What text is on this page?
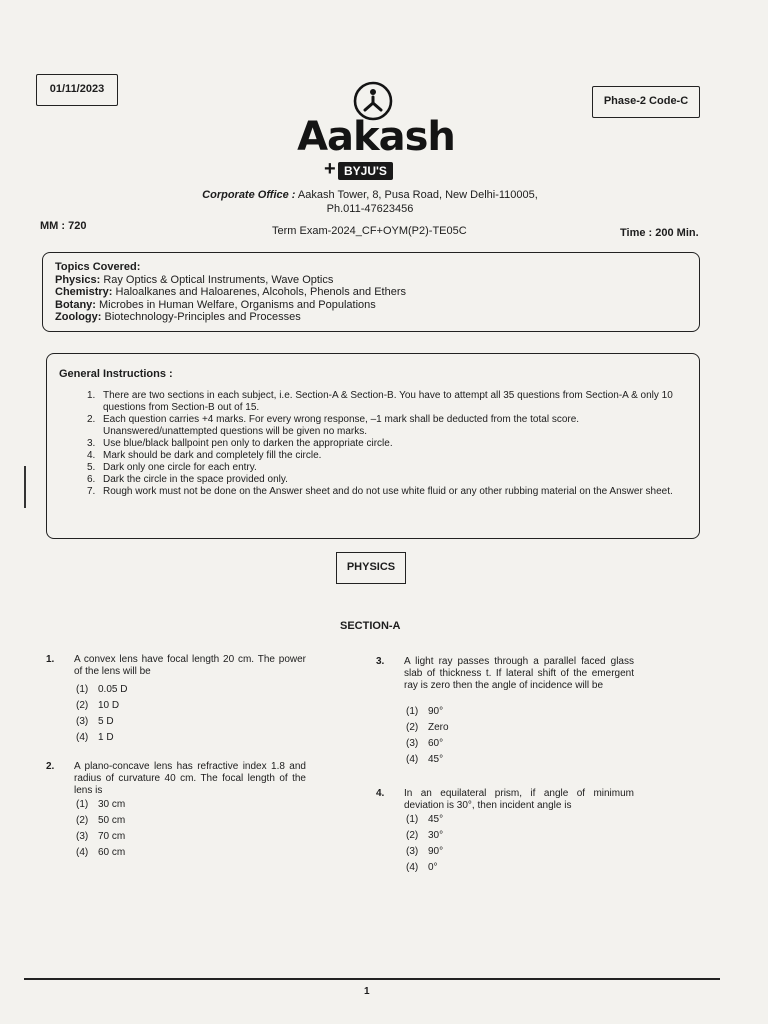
01/11/2023
Phase-2 Code-C
Aakash
+ BYJU'S
Corporate Office : Aakash Tower, 8, Pusa Road, New Delhi-110005,
Ph.011-47623456
MM : 720	Term Exam-2024_CF+OYM(P2)-TE05C	Time : 200 Min.
Topics Covered:
Physics: Ray Optics & Optical Instruments, Wave Optics
Chemistry: Haloalkanes and Haloarenes, Alcohols, Phenols and Ethers
Botany: Microbes in Human Welfare, Organisms and Populations
Zoology: Biotechnology-Principles and Processes
General Instructions :
1. There are two sections in each subject, i.e. Section-A & Section-B. You have to attempt all 35 questions from Section-A & only 10 questions from Section-B out of 15.
2. Each question carries +4 marks. For every wrong response, –1 mark shall be deducted from the total score. Unanswered/unattempted questions will be given no marks.
3. Use blue/black ballpoint pen only to darken the appropriate circle.
4. Mark should be dark and completely fill the circle.
5. Dark only one circle for each entry.
6. Dark the circle in the space provided only.
7. Rough work must not be done on the Answer sheet and do not use white fluid or any other rubbing material on the Answer sheet.
PHYSICS
SECTION-A
1. A convex lens have focal length 20 cm. The power of the lens will be
(1) 0.05 D
(2) 10 D
(3) 5 D
(4) 1 D
2. A plano-concave lens has refractive index 1.8 and radius of curvature 40 cm. The focal length of the lens is
(1) 30 cm
(2) 50 cm
(3) 70 cm
(4) 60 cm
3. A light ray passes through a parallel faced glass slab of thickness t. If lateral shift of the emergent ray is zero then the angle of incidence will be
(1) 90°
(2) Zero
(3) 60°
(4) 45°
4. In an equilateral prism, if angle of minimum deviation is 30°, then incident angle is
(1) 45°
(2) 30°
(3) 90°
(4) 0°
1
